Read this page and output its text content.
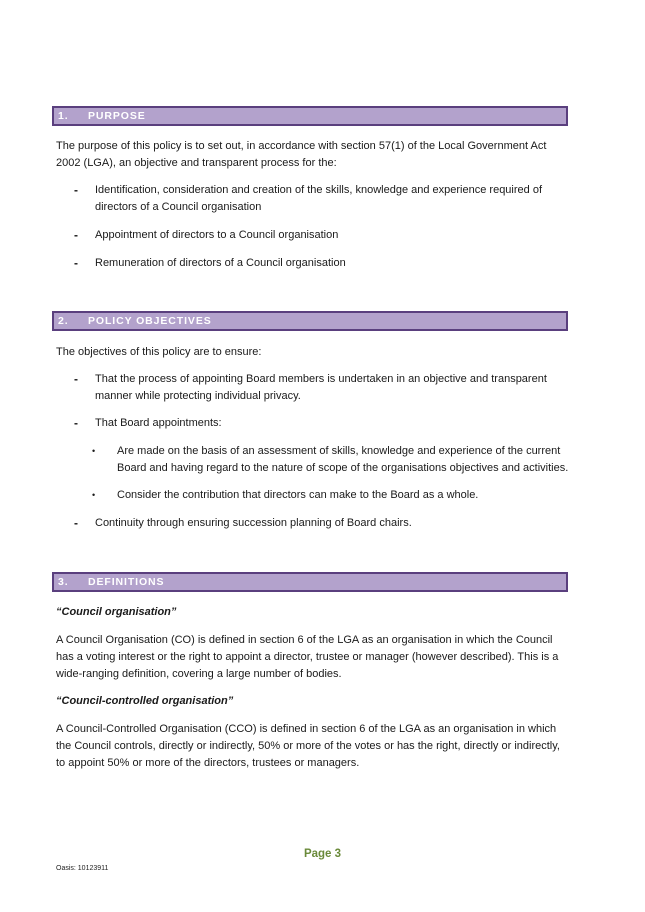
1. PURPOSE
The purpose of this policy is to set out, in accordance with section 57(1) of the Local Government Act 2002 (LGA), an objective and transparent process for the:
- Identification, consideration and creation of the skills, knowledge and experience required of directors of a Council organisation
- Appointment of directors to a Council organisation
- Remuneration of directors of a Council organisation
2. POLICY OBJECTIVES
The objectives of this policy are to ensure:
- That the process of appointing Board members is undertaken in an objective and transparent manner while protecting individual privacy.
- That Board appointments:
• Are made on the basis of an assessment of skills, knowledge and experience of the current Board and having regard to the nature of scope of the organisations objectives and activities.
• Consider the contribution that directors can make to the Board as a whole.
- Continuity through ensuring succession planning of Board chairs.
3. DEFINITIONS
“Council organisation”
A Council Organisation (CO) is defined in section 6 of the LGA as an organisation in which the Council has a voting interest or the right to appoint a director, trustee or manager (however described). This is a wide-ranging definition, covering a large number of bodies.
“Council-controlled organisation”
A Council-Controlled Organisation (CCO) is defined in section 6 of the LGA as an organisation in which the Council controls, directly or indirectly, 50% or more of the votes or has the right, directly or indirectly, to appoint 50% or more of the directors, trustees or managers.
Page 3
Oasis: 10123911
